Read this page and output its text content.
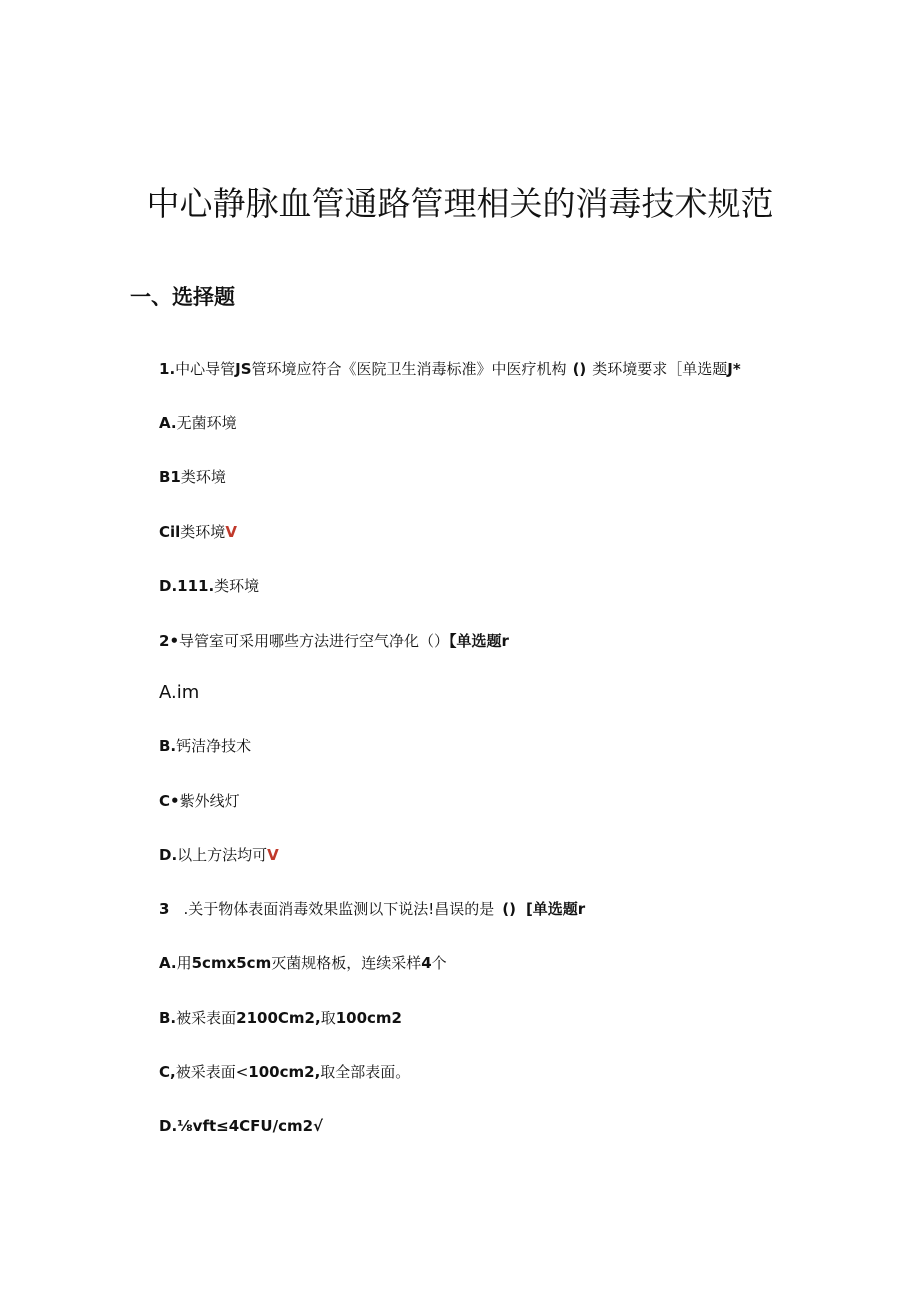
中心静脉血管通路管理相关的消毒技术规范
一、选择题
1.中心导管JS管环境应符合《医院卫生消毒标准》中医疗机构 () 类环境要求［单选题J*
A.无菌环境
B1类环境
Cil类环境V
D.111.类环境
2•导管室可采用哪些方法进行空气净化（）【单选题r
A.im
B.钙洁净技术
C•紫外线灯
D.以上方法均可V
3 .关于物体表面消毒效果监测以下说法!昌误的是 () [单选题r
A.用5cmx5cm灭菌规格板，连续采样4个
B.被采表面2100Cm2,取100cm2
C,被采表面<100cm2,取全部表面。
D.⅛vft≤4CFU/cm2√
